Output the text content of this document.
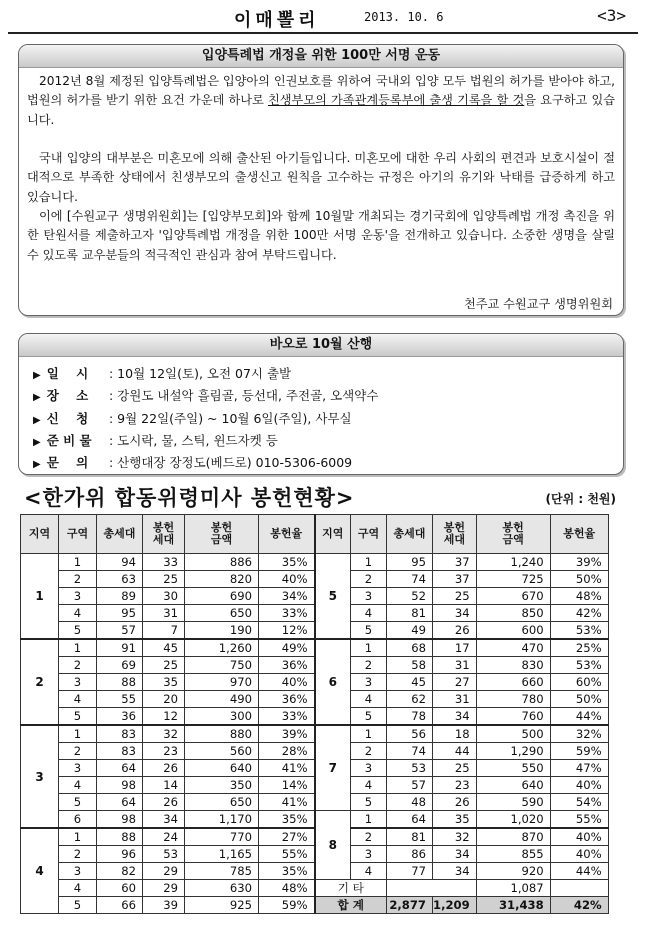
이매뽈리	2013. 10. 6	<3>
입양특례법 개정을 위한 100만 서명 운동
2012년 8월 제정된 입양특례법은 입양아의 인권보호를 위하여 국내외 입양 모두 법원의 허가를 받아야 하고, 법원의 허가를 받기 위한 요건 가운데 하나로 친생부모의 가족관계등록부에 출생 기록을 할 것을 요구하고 있습니다.
국내 입양의 대부분은 미혼모에 의해 출산된 아기들입니다. 미혼모에 대한 우리 사회의 편견과 보호시설이 절대적으로 부족한 상태에서 친생부모의 출생신고 원칙을 고수하는 규정은 아기의 유기와 낙태를 급증하게 하고 있습니다.
이에 [수원교구 생명위원회]는 [입양부모회]와 함께 10월말 개최되는 경기국회에 입양특례법 개정 촉진을 위한 탄원서를 제출하고자 '입양특례법 개정을 위한 100만 서명 운동'을 전개하고 있습니다. 소중한 생명을 살릴 수 있도록 교우분들의 적극적인 관심과 참여 부탁드립니다.
천주교 수원교구 생명위원회
바오로 10월 산행
▶ 일    시	: 10월 12일(토), 오전 07시 출발
▶ 장    소	: 강원도 내설악 흘림골, 등선대, 주전골, 오색약수
▶ 신    청	: 9월 22일(주일) ~ 10월 6일(주일), 사무실
▶ 준 비 물	: 도시락, 물, 스틱, 윈드자켓 등
▶ 문    의	: 산행대장 장정도(베드로) 010-5306-6009
<한가위 합동위령미사 봉헌현황>	(단위 : 천원)
지역	구역	총세대	봉헌
세대	봉헌
금액	봉헌율	지역	구역	총세대	봉헌
세대	봉헌
금액	봉헌율
1	1	94	33	886	35%	5	1	95	37	1,240	39%
	2	63	25	820	40%		2	74	37	725	50%
	3	89	30	690	34%		3	52	25	670	48%
	4	95	31	650	33%		4	81	34	850	42%
	5	57	7	190	12%		5	49	26	600	53%
2	1	91	45	1,260	49%	6	1	68	17	470	25%
	2	69	25	750	36%		2	58	31	830	53%
	3	88	35	970	40%		3	45	27	660	60%
	4	55	20	490	36%		4	62	31	780	50%
	5	36	12	300	33%		5	78	34	760	44%
3	1	83	32	880	39%	7	1	56	18	500	32%
	2	83	23	560	28%		2	74	44	1,290	59%
	3	64	26	640	41%		3	53	25	550	47%
	4	98	14	350	14%		4	57	23	640	40%
	5	64	26	650	41%		5	48	26	590	54%
	6	98	34	1,170	35%	8	1	64	35	1,020	55%
4	1	88	24	770	27%		2	81	32	870	40%
	2	96	53	1,165	55%		3	86	34	855	40%
	3	82	29	785	35%		4	77	34	920	44%
	4	60	29	630	48%	기 타				1,087	
	5	66	39	925	59%	합 계		2,877	1,209	31,438	42%
